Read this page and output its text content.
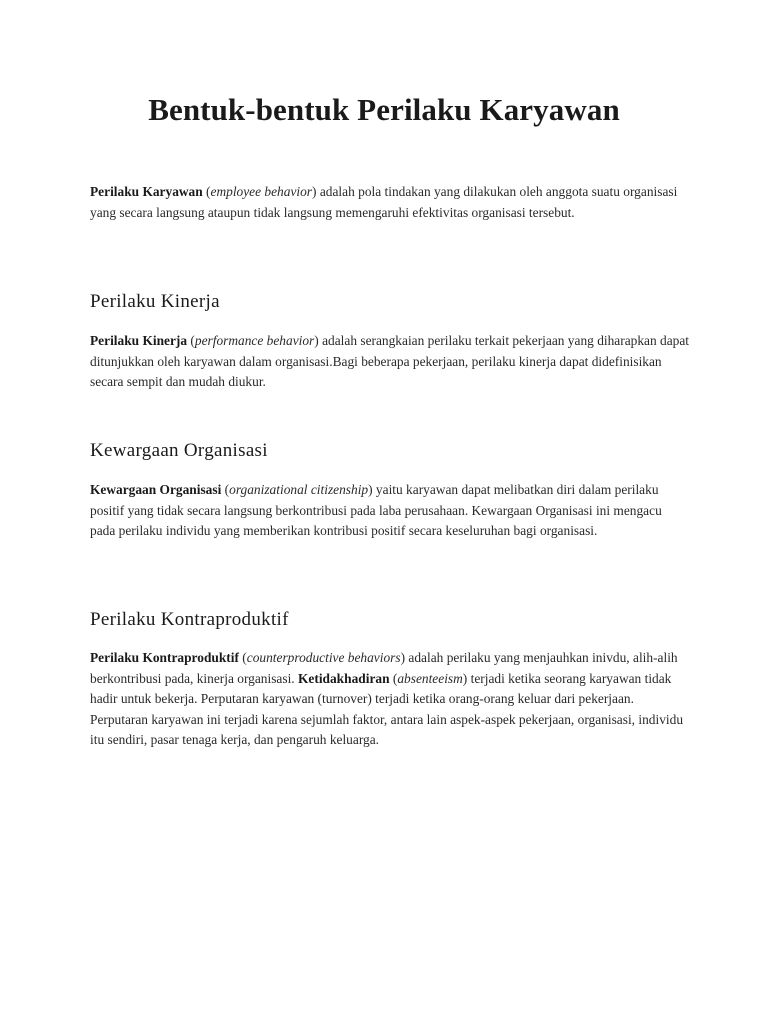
Bentuk-bentuk Perilaku Karyawan

Perilaku Karyawan (employee behavior) adalah pola tindakan yang dilakukan oleh anggota suatu organisasi yang secara langsung ataupun tidak langsung memengaruhi efektivitas organisasi tersebut.

Perilaku Kinerja

Perilaku Kinerja (performance behavior) adalah serangkaian perilaku terkait pekerjaan yang diharapkan dapat ditunjukkan oleh karyawan dalam organisasi.Bagi beberapa pekerjaan, perilaku kinerja dapat didefinisikan secara sempit dan mudah diukur.

Kewargaan Organisasi

Kewargaan Organisasi (organizational citizenship) yaitu karyawan dapat melibatkan diri dalam perilaku positif yang tidak secara langsung berkontribusi pada laba perusahaan. Kewargaan Organisasi ini mengacu pada perilaku individu yang memberikan kontribusi positif secara keseluruhan bagi organisasi.

Perilaku Kontraproduktif

Perilaku Kontraproduktif (counterproductive behaviors) adalah perilaku yang menjauhkan inivdu, alih-alih berkontribusi pada, kinerja organisasi. Ketidakhadiran (absenteeism) terjadi ketika seorang karyawan tidak hadir untuk bekerja. Perputaran karyawan (turnover) terjadi ketika orang-orang keluar dari pekerjaan. Perputaran karyawan ini terjadi karena sejumlah faktor, antara lain aspek-aspek pekerjaan, organisasi, individu itu sendiri, pasar tenaga kerja, dan pengaruh keluarga.
